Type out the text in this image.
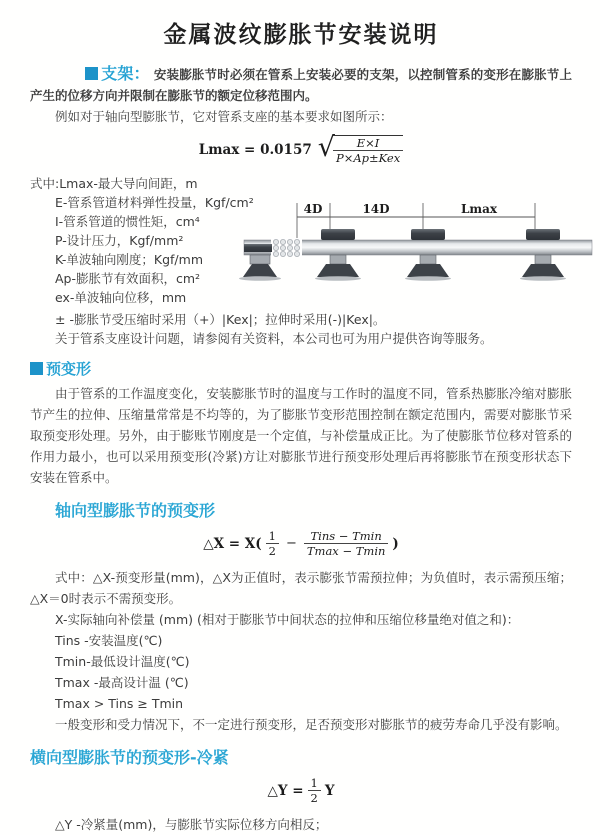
金属波纹膨胀节安装说明

支架： 安装膨胀节时必须在管系上安装必要的支架，以控制管系的变形在膨胀节上产生的位移方向并限制在膨胀节的额定位移范围内。

例如对于轴向型膨胀节，它对管系支座的基本要求如图所示：

Lmax = 0.0157 √
$\frac{E\times I}{\text{P×Ap±Kex}}$
式中:Lmax-最大导向间距，m
E-管系管道材料弹性投量，Kgf/cm²
I-管系管道的惯性矩，cm⁴
P-设计压力，Kgf/mm²
K-单波轴向刚度；Kgf/mm
Ap-膨胀节有效面积，cm²
ex-单波轴向位移，mm
4D	14D	Lmax

± -膨胀节受压缩时采用（+）|Kex|；拉伸时采用(-)|Kex|。

关于管系支座设计问题，请参阅有关资料，本公司也可为用户提供咨询等服务。

预变形

由于管系的工作温度变化，安装膨胀节时的温度与工作时的温度不同，管系热膨胀冷缩对膨胀节产生的拉伸、压缩量常常是不均等的，为了膨胀节变形范围控制在额定范围内，需要对膨胀节采取预变形处理。另外，由于膨账节刚度是一个定值，与补偿量成正比。为了使膨胀节位移对管系的作用力最小，也可以采用预变形(冷紧)方让对膨胀节进行预变形处理后再将膨胀节在预变形状态下安装在管系中。

轴向型膨胀节的预变形
△X = $X( \frac{1}{2} - \frac{\text{Tins − Tmin}}{Tmax - Tmin}$ )

式中：△X-预变形量(mm)，△X为正值时，表示膨张节需预拉伸；为负值时，表示需预压缩；△X＝0时表示不需预变形。

X-实际轴向补偿量 (mm) (相对于膨胀节中间状态的拉伸和压缩位移量绝对值之和)：

Tins -安装温度(℃)
Tmin-最低设计温度(℃)
Tmax -最高设计温 (℃)
Tmax > Tins ≥ Tmin

一般变形和受力情况下，不一定进行预变形，足否预变形对膨胀节的疲劳寿命几乎没有影响。

横向型膨胀节的预变形-冷紧
△Y = $\frac{1}{2}$ Y

△Y -冷紧量(mm)，与膨胀节实际位移方向相反；
